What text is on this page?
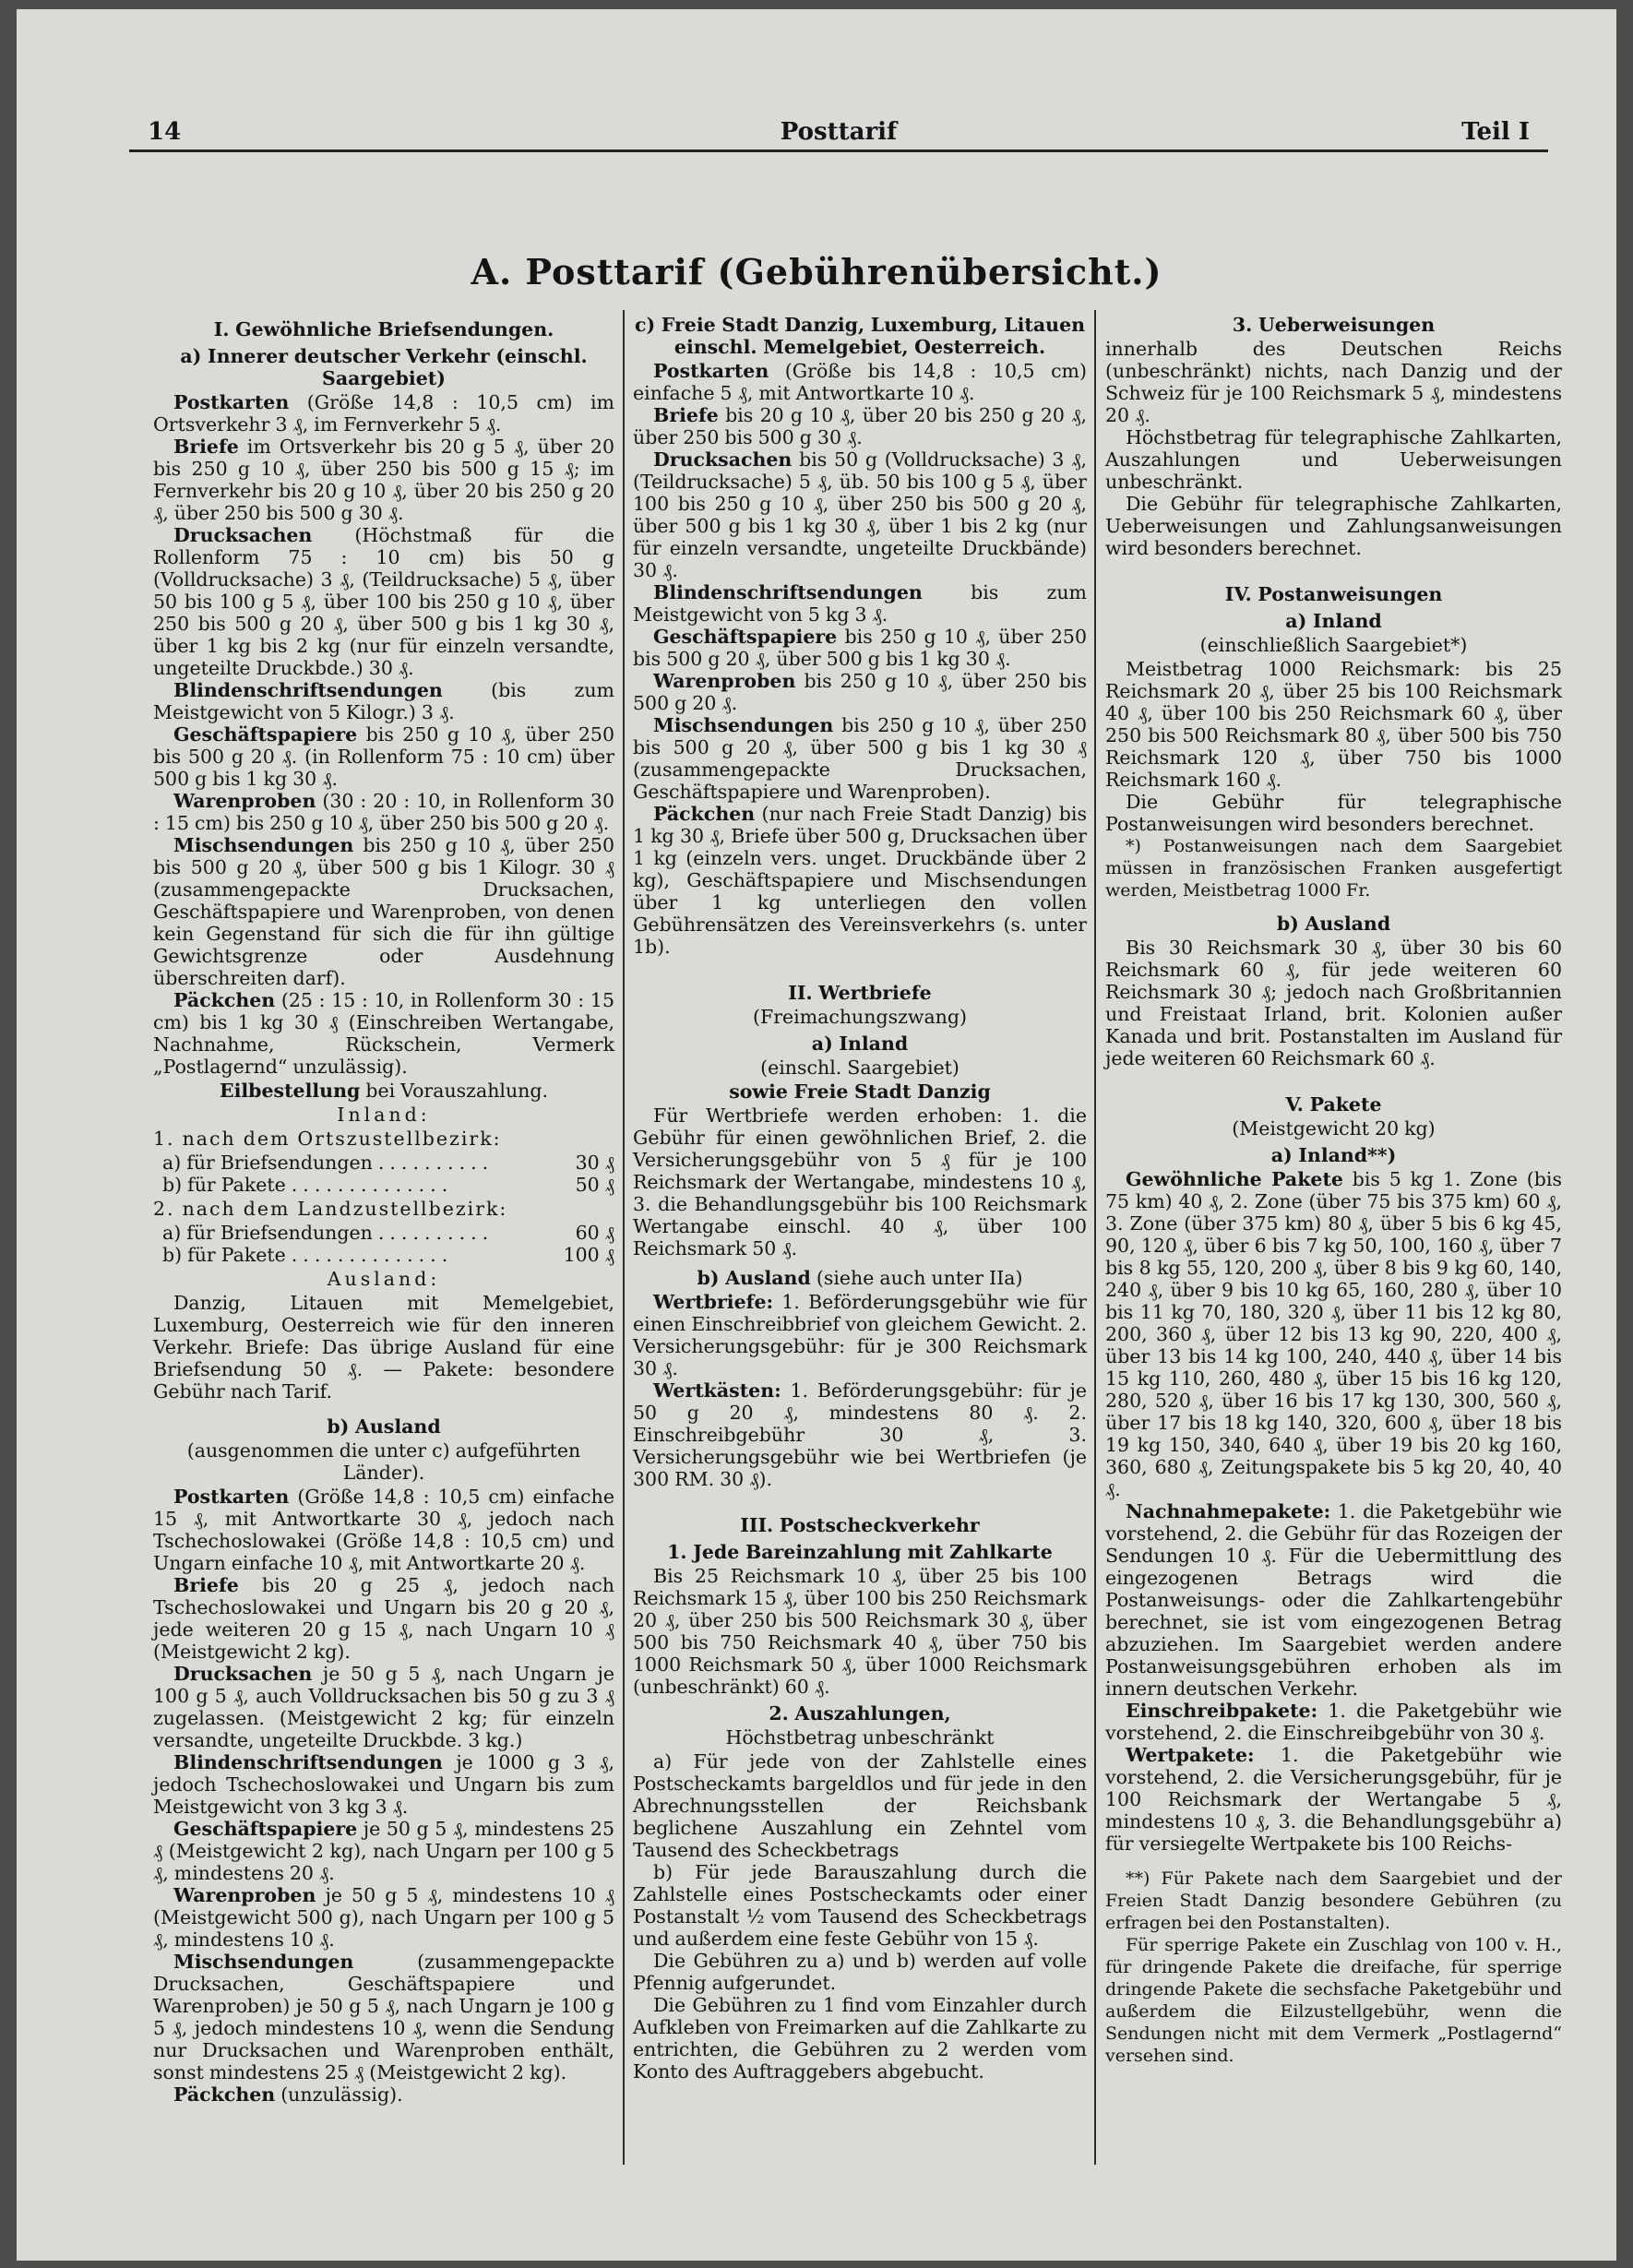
14	Posttarif	Teil I
A. Posttarif (Gebührenübersicht.)

I. Gewöhnliche Briefsendungen.

a) Innerer deutscher Verkehr (einschl. Saargebiet)

Postkarten (Größe 14,8 : 10,5 cm) im Ortsverkehr 3 ₰, im Fernverkehr 5 ₰.

Briefe im Ortsverkehr bis 20 g 5 ₰, über 20 bis 250 g 10 ₰, über 250 bis 500 g 15 ₰; im Fernverkehr bis 20 g 10 ₰, über 20 bis 250 g 20 ₰, über 250 bis 500 g 30 ₰.

Drucksachen (Höchstmaß für die Rollenform 75 : 10 cm) bis 50 g (Volldrucksache) 3 ₰, (Teildrucksache) 5 ₰, über 50 bis 100 g 5 ₰, über 100 bis 250 g 10 ₰, über 250 bis 500 g 20 ₰, über 500 g bis 1 kg 30 ₰, über 1 kg bis 2 kg (nur für einzeln versandte, ungeteilte Druckbde.) 30 ₰.

Blindenschriftsendungen (bis zum Meistgewicht von 5 Kilogr.) 3 ₰.

Geschäftspapiere bis 250 g 10 ₰, über 250 bis 500 g 20 ₰. (in Rollenform 75 : 10 cm) über 500 g bis 1 kg 30 ₰.

Warenproben (30 : 20 : 10, in Rollenform 30 : 15 cm) bis 250 g 10 ₰, über 250 bis 500 g 20 ₰.

Mischsendungen bis 250 g 10 ₰, über 250 bis 500 g 20 ₰, über 500 g bis 1 Kilogr. 30 ₰ (zusammengepackte Drucksachen, Geschäftspapiere und Warenproben, von denen kein Gegenstand für sich die für ihn gültige Gewichtsgrenze oder Ausdehnung überschreiten darf).

Päckchen (25 : 15 : 10, in Rollenform 30 : 15 cm) bis 1 kg 30 ₰ (Einschreiben Wertangabe, Nachnahme, Rückschein, Vermerk „Postlagernd“ unzulässig).

Eilbestellung bei Vorauszahlung.

Inland:

1. nach dem Ortszustellbezirk:

a) für Briefsendungen . . . . . . . . . .	30 ₰
b) für Pakete . . . . . . . . . . . . . .	50 ₰

2. nach dem Landzustellbezirk:

a) für Briefsendungen . . . . . . . . . .	60 ₰
b) für Pakete . . . . . . . . . . . . . .	100 ₰

Ausland:

Danzig, Litauen mit Memelgebiet, Luxemburg, Oesterreich wie für den inneren Verkehr. Briefe: Das übrige Ausland für eine Briefsendung 50 ₰. — Pakete: besondere Gebühr nach Tarif.

b) Ausland

(ausgenommen die unter c) aufgeführten Länder).

Postkarten (Größe 14,8 : 10,5 cm) einfache 15 ₰, mit Antwortkarte 30 ₰, jedoch nach Tschechoslowakei (Größe 14,8 : 10,5 cm) und Ungarn einfache 10 ₰, mit Antwortkarte 20 ₰.

Briefe bis 20 g 25 ₰, jedoch nach Tschechoslowakei und Ungarn bis 20 g 20 ₰, jede weiteren 20 g 15 ₰, nach Ungarn 10 ₰ (Meistgewicht 2 kg).

Drucksachen je 50 g 5 ₰, nach Ungarn je 100 g 5 ₰, auch Volldrucksachen bis 50 g zu 3 ₰ zugelassen. (Meistgewicht 2 kg; für einzeln versandte, ungeteilte Druckbde. 3 kg.)

Blindenschriftsendungen je 1000 g 3 ₰, jedoch Tschechoslowakei und Ungarn bis zum Meistgewicht von 3 kg 3 ₰.

Geschäftspapiere je 50 g 5 ₰, mindestens 25 ₰ (Meistgewicht 2 kg), nach Ungarn per 100 g 5 ₰, mindestens 20 ₰.

Warenproben je 50 g 5 ₰, mindestens 10 ₰ (Meistgewicht 500 g), nach Ungarn per 100 g 5 ₰, mindestens 10 ₰.

Mischsendungen (zusammengepackte Drucksachen, Geschäftspapiere und Warenproben) je 50 g 5 ₰, nach Ungarn je 100 g 5 ₰, jedoch mindestens 10 ₰, wenn die Sendung nur Drucksachen und Warenproben enthält, sonst mindestens 25 ₰ (Meistgewicht 2 kg).

Päckchen (unzulässig).

c) Freie Stadt Danzig, Luxemburg, Litauen einschl. Memelgebiet, Oesterreich.

Postkarten (Größe bis 14,8 : 10,5 cm) einfache 5 ₰, mit Antwortkarte 10 ₰.

Briefe bis 20 g 10 ₰, über 20 bis 250 g 20 ₰, über 250 bis 500 g 30 ₰.

Drucksachen bis 50 g (Volldrucksache) 3 ₰, (Teildrucksache) 5 ₰, üb. 50 bis 100 g 5 ₰, über 100 bis 250 g 10 ₰, über 250 bis 500 g 20 ₰, über 500 g bis 1 kg 30 ₰, über 1 bis 2 kg (nur für einzeln versandte, ungeteilte Druckbände) 30 ₰.

Blindenschriftsendungen bis zum Meistgewicht von 5 kg 3 ₰.

Geschäftspapiere bis 250 g 10 ₰, über 250 bis 500 g 20 ₰, über 500 g bis 1 kg 30 ₰.

Warenproben bis 250 g 10 ₰, über 250 bis 500 g 20 ₰.

Mischsendungen bis 250 g 10 ₰, über 250 bis 500 g 20 ₰, über 500 g bis 1 kg 30 ₰ (zusammengepackte Drucksachen, Geschäftspapiere und Warenproben).

Päckchen (nur nach Freie Stadt Danzig) bis 1 kg 30 ₰, Briefe über 500 g, Drucksachen über 1 kg (einzeln vers. unget. Druckbände über 2 kg), Geschäftspapiere und Mischsendungen über 1 kg unterliegen den vollen Gebührensätzen des Vereinsverkehrs (s. unter 1b).

II. Wertbriefe

(Freimachungszwang)

a) Inland

(einschl. Saargebiet)

sowie Freie Stadt Danzig

Für Wertbriefe werden erhoben: 1. die Gebühr für einen gewöhnlichen Brief, 2. die Versicherungsgebühr von 5 ₰ für je 100 Reichsmark der Wertangabe, mindestens 10 ₰, 3. die Behandlungsgebühr bis 100 Reichsmark Wertangabe einschl. 40 ₰, über 100 Reichsmark 50 ₰.

b) Ausland (siehe auch unter IIa)

Wertbriefe: 1. Beförderungsgebühr wie für einen Einschreibbrief von gleichem Gewicht. 2. Versicherungsgebühr: für je 300 Reichsmark 30 ₰.

Wertkästen: 1. Beförderungsgebühr: für je 50 g 20 ₰, mindestens 80 ₰. 2. Einschreibgebühr 30 ₰, 3. Versicherungsgebühr wie bei Wertbriefen (je 300 RM. 30 ₰).

III. Postscheckverkehr

1. Jede Bareinzahlung mit Zahlkarte

Bis 25 Reichsmark 10 ₰, über 25 bis 100 Reichsmark 15 ₰, über 100 bis 250 Reichsmark 20 ₰, über 250 bis 500 Reichsmark 30 ₰, über 500 bis 750 Reichsmark 40 ₰, über 750 bis 1000 Reichsmark 50 ₰, über 1000 Reichsmark (unbeschränkt) 60 ₰.

2. Auszahlungen,

Höchstbetrag unbeschränkt

a) Für jede von der Zahlstelle eines Postscheckamts bargeldlos und für jede in den Abrechnungsstellen der Reichsbank beglichene Auszahlung ein Zehntel vom Tausend des Scheckbetrags

b) Für jede Barauszahlung durch die Zahlstelle eines Postscheckamts oder einer Postanstalt ½ vom Tausend des Scheckbetrags und außerdem eine feste Gebühr von 15 ₰.

Die Gebühren zu a) und b) werden auf volle Pfennig aufgerundet.

Die Gebühren zu 1 find vom Einzahler durch Aufkleben von Freimarken auf die Zahlkarte zu entrichten, die Gebühren zu 2 werden vom Konto des Auftraggebers abgebucht.

3. Ueberweisungen

innerhalb des Deutschen Reichs (unbeschränkt) nichts, nach Danzig und der Schweiz für je 100 Reichsmark 5 ₰, mindestens 20 ₰.

Höchstbetrag für telegraphische Zahlkarten, Auszahlungen und Ueberweisungen unbeschränkt.

Die Gebühr für telegraphische Zahlkarten, Ueberweisungen und Zahlungsanweisungen wird besonders berechnet.

IV. Postanweisungen

a) Inland

(einschließlich Saargebiet*)

Meistbetrag 1000 Reichsmark: bis 25 Reichsmark 20 ₰, über 25 bis 100 Reichsmark 40 ₰, über 100 bis 250 Reichsmark 60 ₰, über 250 bis 500 Reichsmark 80 ₰, über 500 bis 750 Reichsmark 120 ₰, über 750 bis 1000 Reichsmark 160 ₰.

Die Gebühr für telegraphische Postanweisungen wird besonders berechnet.

*) Postanweisungen nach dem Saargebiet müssen in französischen Franken ausgefertigt werden, Meistbetrag 1000 Fr.

b) Ausland

Bis 30 Reichsmark 30 ₰, über 30 bis 60 Reichsmark 60 ₰, für jede weiteren 60 Reichsmark 30 ₰; jedoch nach Großbritannien und Freistaat Irland, brit. Kolonien außer Kanada und brit. Postanstalten im Ausland für jede weiteren 60 Reichsmark 60 ₰.

V. Pakete

(Meistgewicht 20 kg)

a) Inland**)

Gewöhnliche Pakete bis 5 kg 1. Zone (bis 75 km) 40 ₰, 2. Zone (über 75 bis 375 km) 60 ₰, 3. Zone (über 375 km) 80 ₰, über 5 bis 6 kg 45, 90, 120 ₰, über 6 bis 7 kg 50, 100, 160 ₰, über 7 bis 8 kg 55, 120, 200 ₰, über 8 bis 9 kg 60, 140, 240 ₰, über 9 bis 10 kg 65, 160, 280 ₰, über 10 bis 11 kg 70, 180, 320 ₰, über 11 bis 12 kg 80, 200, 360 ₰, über 12 bis 13 kg 90, 220, 400 ₰, über 13 bis 14 kg 100, 240, 440 ₰, über 14 bis 15 kg 110, 260, 480 ₰, über 15 bis 16 kg 120, 280, 520 ₰, über 16 bis 17 kg 130, 300, 560 ₰, über 17 bis 18 kg 140, 320, 600 ₰, über 18 bis 19 kg 150, 340, 640 ₰, über 19 bis 20 kg 160, 360, 680 ₰, Zeitungspakete bis 5 kg 20, 40, 40 ₰.

Nachnahmepakete: 1. die Paketgebühr wie vorstehend, 2. die Gebühr für das Rozeigen der Sendungen 10 ₰. Für die Uebermittlung des eingezogenen Betrags wird die Postanweisungs- oder die Zahlkartengebühr berechnet, sie ist vom eingezogenen Betrag abzuziehen. Im Saargebiet werden andere Postanweisungsgebühren erhoben als im innern deutschen Verkehr.

Einschreibpakete: 1. die Paketgebühr wie vorstehend, 2. die Einschreibgebühr von 30 ₰.

Wertpakete: 1. die Paketgebühr wie vorstehend, 2. die Versicherungsgebühr, für je 100 Reichsmark der Wertangabe 5 ₰, mindestens 10 ₰, 3. die Behandlungsgebühr a) für versiegelte Wertpakete bis 100 Reichs-

**) Für Pakete nach dem Saargebiet und der Freien Stadt Danzig besondere Gebühren (zu erfragen bei den Postanstalten).

Für sperrige Pakete ein Zuschlag von 100 v. H., für dringende Pakete die dreifache, für sperrige dringende Pakete die sechsfache Paketgebühr und außerdem die Eilzustellgebühr, wenn die Sendungen nicht mit dem Vermerk „Postlagernd“ versehen sind.
